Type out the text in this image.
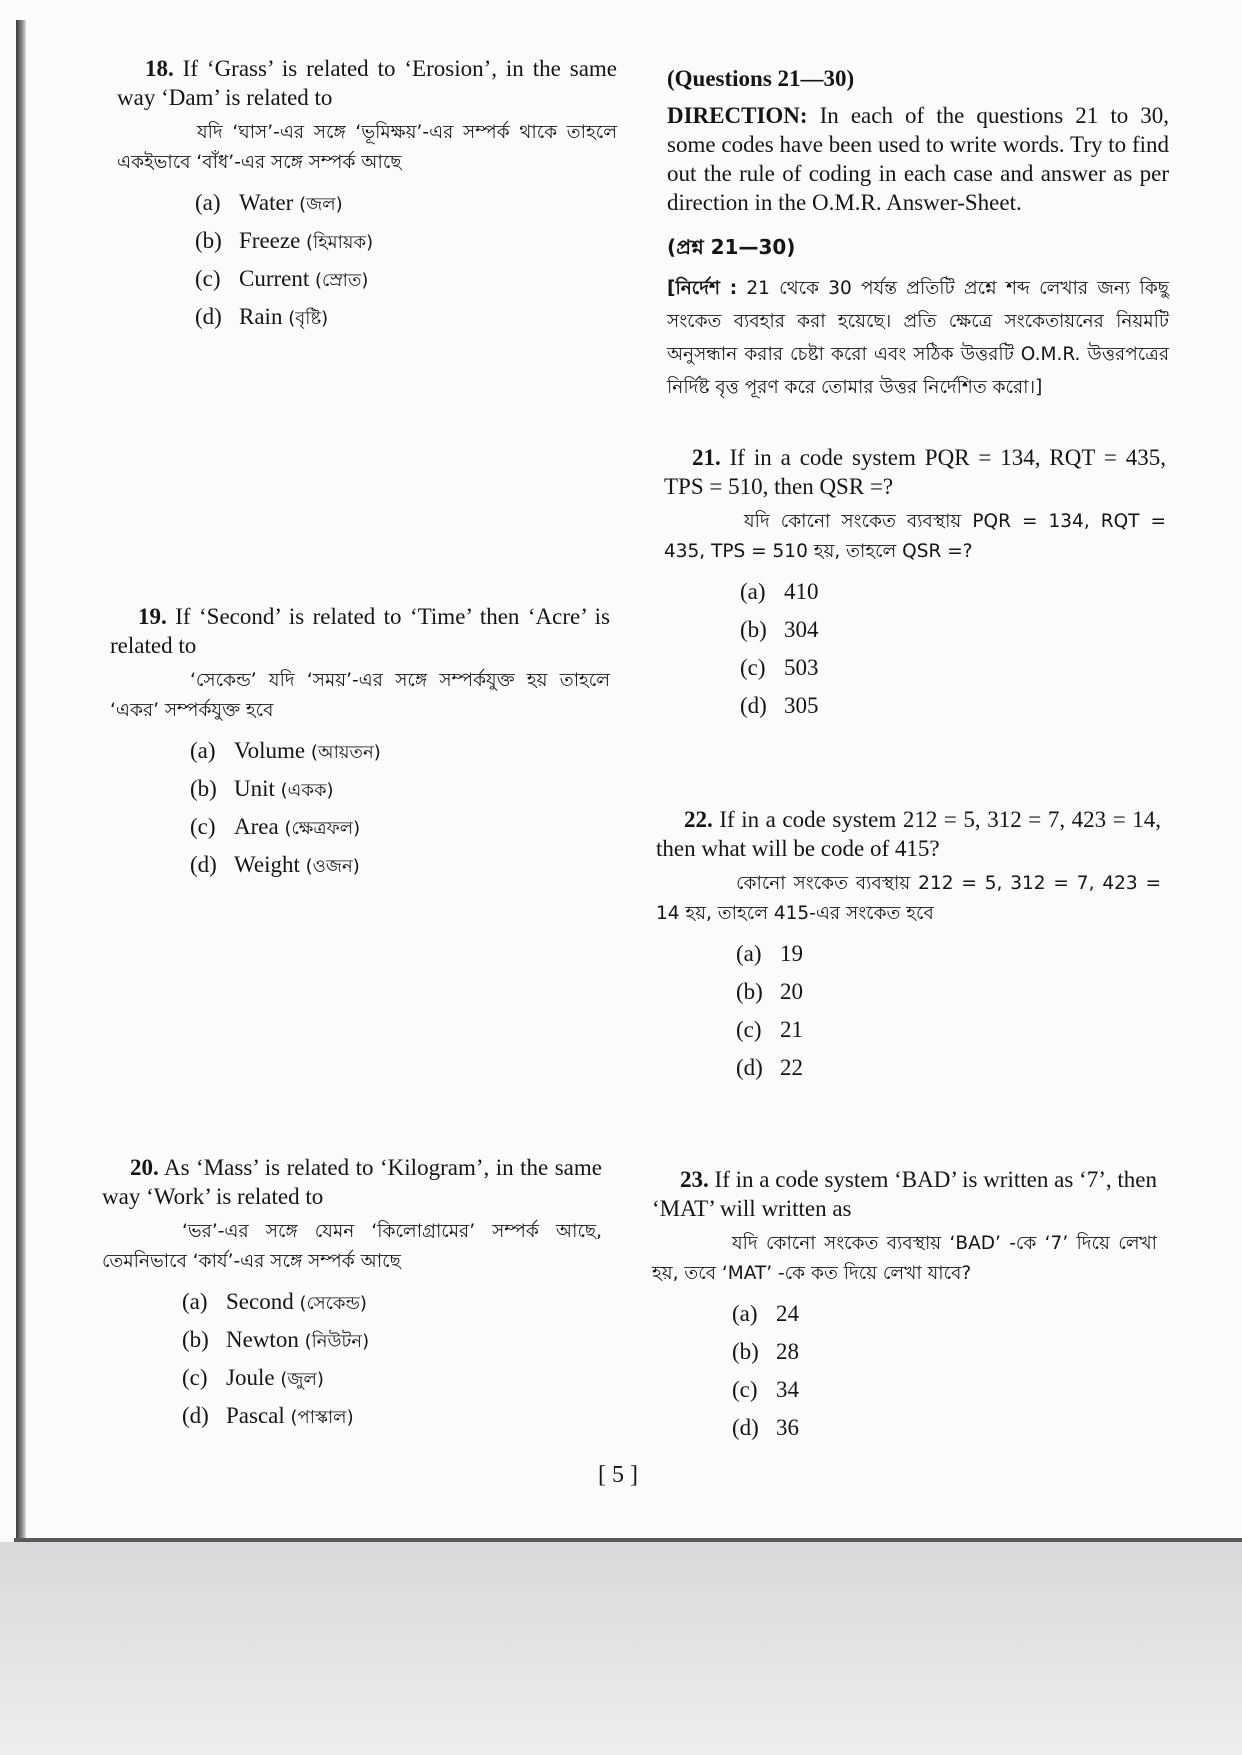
18. If ‘Grass’ is related to ‘Erosion’, in the same way ‘Dam’ is related to

যদি ‘ঘাস’-এর সঙ্গে ‘ভূমিক্ষয়’-এর সম্পর্ক থাকে তাহলে একইভাবে ‘বাঁধ’-এর সঙ্গে সম্পর্ক আছে

(a) Water (জল)
(b) Freeze (হিমায়ক)
(c) Current (স্রোত)
(d) Rain (বৃষ্টি)

19. If ‘Second’ is related to ‘Time’ then ‘Acre’ is related to

‘সেকেন্ড’ যদি ‘সময়’-এর সঙ্গে সম্পর্কযুক্ত হয় তাহলে ‘একর’ সম্পর্কযুক্ত হবে

(a) Volume (আয়তন)
(b) Unit (একক)
(c) Area (ক্ষেত্রফল)
(d) Weight (ওজন)

20. As ‘Mass’ is related to ‘Kilogram’, in the same way ‘Work’ is related to

‘ভর’-এর সঙ্গে যেমন ‘কিলোগ্রামের’ সম্পর্ক আছে, তেমনিভাবে ‘কার্য’-এর সঙ্গে সম্পর্ক আছে

(a) Second (সেকেন্ড)
(b) Newton (নিউটন)
(c) Joule (জুল)
(d) Pascal (পাস্কাল)

(Questions 21—30)

DIRECTION: In each of the questions 21 to 30, some codes have been used to write words. Try to find out the rule of coding in each case and answer as per direction in the O.M.R. Answer-Sheet.

(প্রশ্ন 21—30)

[নির্দেশ : 21 থেকে 30 পর্যন্ত প্রতিটি প্রশ্নে শব্দ লেখার জন্য কিছু সংকেত ব্যবহার করা হয়েছে। প্রতি ক্ষেত্রে সংকেতায়নের নিয়মটি অনুসন্ধান করার চেষ্টা করো এবং সঠিক উত্তরটি O.M.R. উত্তরপত্রের নির্দিষ্ট বৃত্ত পূরণ করে তোমার উত্তর নির্দেশিত করো।]

21. If in a code system PQR = 134, RQT = 435, TPS = 510, then QSR =?

যদি কোনো সংকেত ব্যবস্থায় PQR = 134, RQT = 435, TPS = 510 হয়, তাহলে QSR =?

(a) 410
(b) 304
(c) 503
(d) 305

22. If in a code system 212 = 5, 312 = 7, 423 = 14, then what will be code of 415?

কোনো সংকেত ব্যবস্থায় 212 = 5, 312 = 7, 423 = 14 হয়, তাহলে 415-এর সংকেত হবে

(a) 19
(b) 20
(c) 21
(d) 22

23. If in a code system ‘BAD’ is written as ‘7’, then ‘MAT’ will written as

যদি কোনো সংকেত ব্যবস্থায় ‘BAD’ -কে ‘7’ দিয়ে লেখা হয়, তবে ‘MAT’ -কে কত দিয়ে লেখা যাবে?

(a) 24
(b) 28
(c) 34
(d) 36
[ 5 ]
